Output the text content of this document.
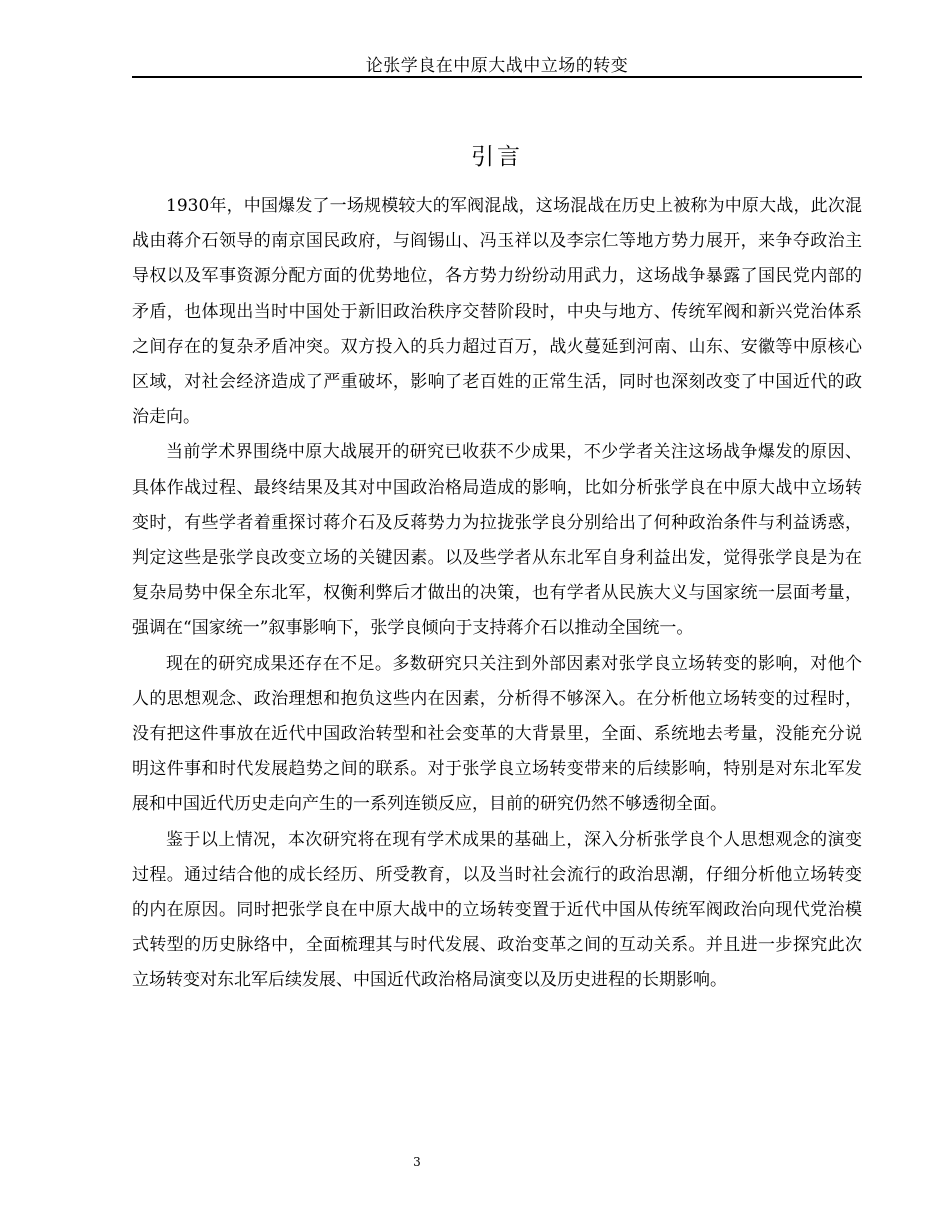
论张学良在中原大战中立场的转变
引言

1930年，中国爆发了一场规模较大的军阀混战，这场混战在历史上被称为中原大战，此次混战由蒋介石领导的南京国民政府，与阎锡山、冯玉祥以及李宗仁等地方势力展开，来争夺政治主导权以及军事资源分配方面的优势地位，各方势力纷纷动用武力，这场战争暴露了国民党内部的矛盾，也体现出当时中国处于新旧政治秩序交替阶段时，中央与地方、传统军阀和新兴党治体系之间存在的复杂矛盾冲突。双方投入的兵力超过百万，战火蔓延到河南、山东、安徽等中原核心区域，对社会经济造成了严重破坏，影响了老百姓的正常生活，同时也深刻改变了中国近代的政治走向。

当前学术界围绕中原大战展开的研究已收获不少成果，不少学者关注这场战争爆发的原因、具体作战过程、最终结果及其对中国政治格局造成的影响，比如分析张学良在中原大战中立场转变时，有些学者着重探讨蒋介石及反蒋势力为拉拢张学良分别给出了何种政治条件与利益诱惑，判定这些是张学良改变立场的关键因素。以及些学者从东北军自身利益出发，觉得张学良是为在复杂局势中保全东北军，权衡利弊后才做出的决策，也有学者从民族大义与国家统一层面考量，强调在“国家统一”叙事影响下，张学良倾向于支持蒋介石以推动全国统一。

现在的研究成果还存在不足。多数研究只关注到外部因素对张学良立场转变的影响，对他个人的思想观念、政治理想和抱负这些内在因素，分析得不够深入。在分析他立场转变的过程时，没有把这件事放在近代中国政治转型和社会变革的大背景里，全面、系统地去考量，没能充分说明这件事和时代发展趋势之间的联系。对于张学良立场转变带来的后续影响，特别是对东北军发展和中国近代历史走向产生的一系列连锁反应，目前的研究仍然不够透彻全面。

鉴于以上情况，本次研究将在现有学术成果的基础上，深入分析张学良个人思想观念的演变过程。通过结合他的成长经历、所受教育，以及当时社会流行的政治思潮，仔细分析他立场转变的内在原因。同时把张学良在中原大战中的立场转变置于近代中国从传统军阀政治向现代党治模式转型的历史脉络中，全面梳理其与时代发展、政治变革之间的互动关系。并且进一步探究此次立场转变对东北军后续发展、中国近代政治格局演变以及历史进程的长期影响。

3
